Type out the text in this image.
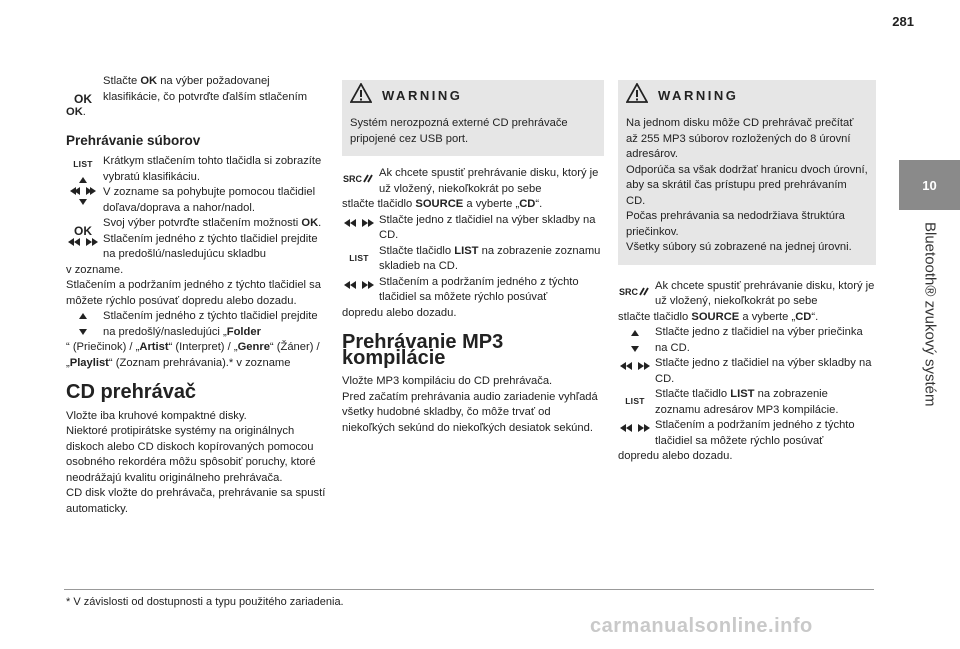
281
10
Bluetooth® zvukový systém
OK
Stlačte OK na výber požadovanej klasifikácie, čo potvrďte ďalším stlačením

OK.

Prehrávanie súborov
LIST Krátkym stlačením tohto tlačidla si zobrazíte vybratú klasifikáciu.
V zozname sa pohybujte pomocou tlačidiel doľava/doprava a nahor/nadol.
OK
Svoj výber potvrďte stlačením možnosti OK.
Stlačením jedného z týchto tlačidiel prejdite na predošlú/nasledujúcu skladbu

v zozname.
Stlačením a podržaním jedného z týchto tlačidiel sa môžete rýchlo posúvať dopredu alebo dozadu.

Stlačením jedného z týchto tlačidiel prejdite na predošlý/nasledujúci „Folder

“ (Priečinok) / „Artist“ (Interpret) / „Genre“ (Žáner) / „Playlist“ (Zoznam prehrávania).* v zozname

CD prehrávač

Vložte iba kruhové kompaktné disky.
Niektoré protipirátske systémy na originálnych diskoch alebo CD diskoch kopírovaných pomocou osobného rekordéra môžu spôsobiť poruchy, ktoré neodrážajú kvalitu originálneho prehrávača.
CD disk vložte do prehrávača, prehrávanie sa spustí automaticky.

WARNING
Systém nerozpozná externé CD prehrávače pripojené cez USB port.
SRC Ak chcete spustiť prehrávanie disku, ktorý je už vložený, niekoľkokrát po sebe

stlačte tlačidlo SOURCE a vyberte „CD“.

Stlačte jedno z tlačidiel na výber skladby na CD.
LIST
Stlačte tlačidlo LIST na zobrazenie zoznamu skladieb na CD.
Stlačením a podržaním jedného z týchto tlačidiel sa môžete rýchlo posúvať

dopredu alebo dozadu.

Prehrávanie MP3 kompilácie

Vložte MP3 kompiláciu do CD prehrávača.
Pred začatím prehrávania audio zariadenie vyhľadá všetky hudobné skladby, čo môže trvať od niekoľkých sekúnd do niekoľkých desiatok sekúnd.

WARNING
Na jednom disku môže CD prehrávač prečítať až 255 MP3 súborov rozložených do 8 úrovní adresárov.
Odporúča sa však dodržať hranicu dvoch úrovní, aby sa skrátil čas prístupu pred prehrávaním CD.
Počas prehrávania sa nedodržiava štruktúra priečinkov.
Všetky súbory sú zobrazené na jednej úrovni.
SRC Ak chcete spustiť prehrávanie disku, ktorý je už vložený, niekoľkokrát po sebe

stlačte tlačidlo SOURCE a vyberte „CD“.

Stlačte jedno z tlačidiel na výber priečinka na CD.
Stlačte jedno z tlačidiel na výber skladby na CD.
LIST
Stlačte tlačidlo LIST na zobrazenie zoznamu adresárov MP3 kompilácie.
Stlačením a podržaním jedného z týchto tlačidiel sa môžete rýchlo posúvať

dopredu alebo dozadu.

* V závislosti od dostupnosti a typu použitého zariadenia.
carmanualsonline.info
